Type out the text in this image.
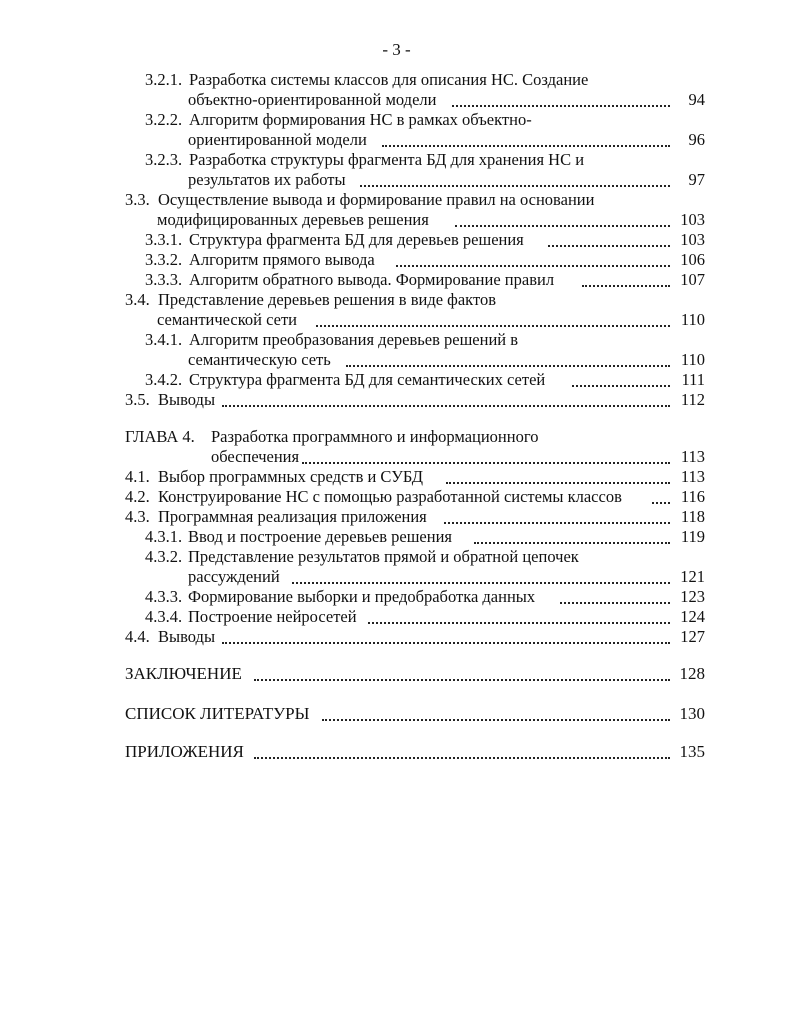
- 3 -
3.2.1. Разработка системы классов для описания НС. Создание
объектно-ориентированной модели	94
3.2.2. Алгоритм формирования НС в рамках объектно-
ориентированной модели	96
3.2.3. Разработка структуры фрагмента БД для хранения НС и
результатов их работы	97
3.3. Осуществление вывода и формирование правил на основании
модифицированных деревьев решения	103
3.3.1. Структура фрагмента БД для деревьев решения	103
3.3.2. Алгоритм прямого вывода	106
3.3.3. Алгоритм обратного вывода. Формирование правил	107
3.4. Представление деревьев решения в виде фактов
семантической сети	110
3.4.1. Алгоритм преобразования деревьев решений в
семантическую сеть	110
3.4.2. Структура фрагмента БД для семантических сетей	111
3.5. Выводы	112
ГЛАВА 4. Разработка программного и информационного
обеспечения	113
4.1. Выбор программных средств и СУБД	113
4.2. Конструирование НС с помощью разработанной системы классов	116
4.3. Программная реализация приложения	118
4.3.1. Ввод и построение деревьев решения	119
4.3.2. Представление результатов прямой и обратной цепочек
рассуждений	121
4.3.3. Формирование выборки и предобработка данных	123
4.3.4. Построение нейросетей	124
4.4. Выводы	127
ЗАКЛЮЧЕНИЕ	128
СПИСОК ЛИТЕРАТУРЫ	130
ПРИЛОЖЕНИЯ	135
